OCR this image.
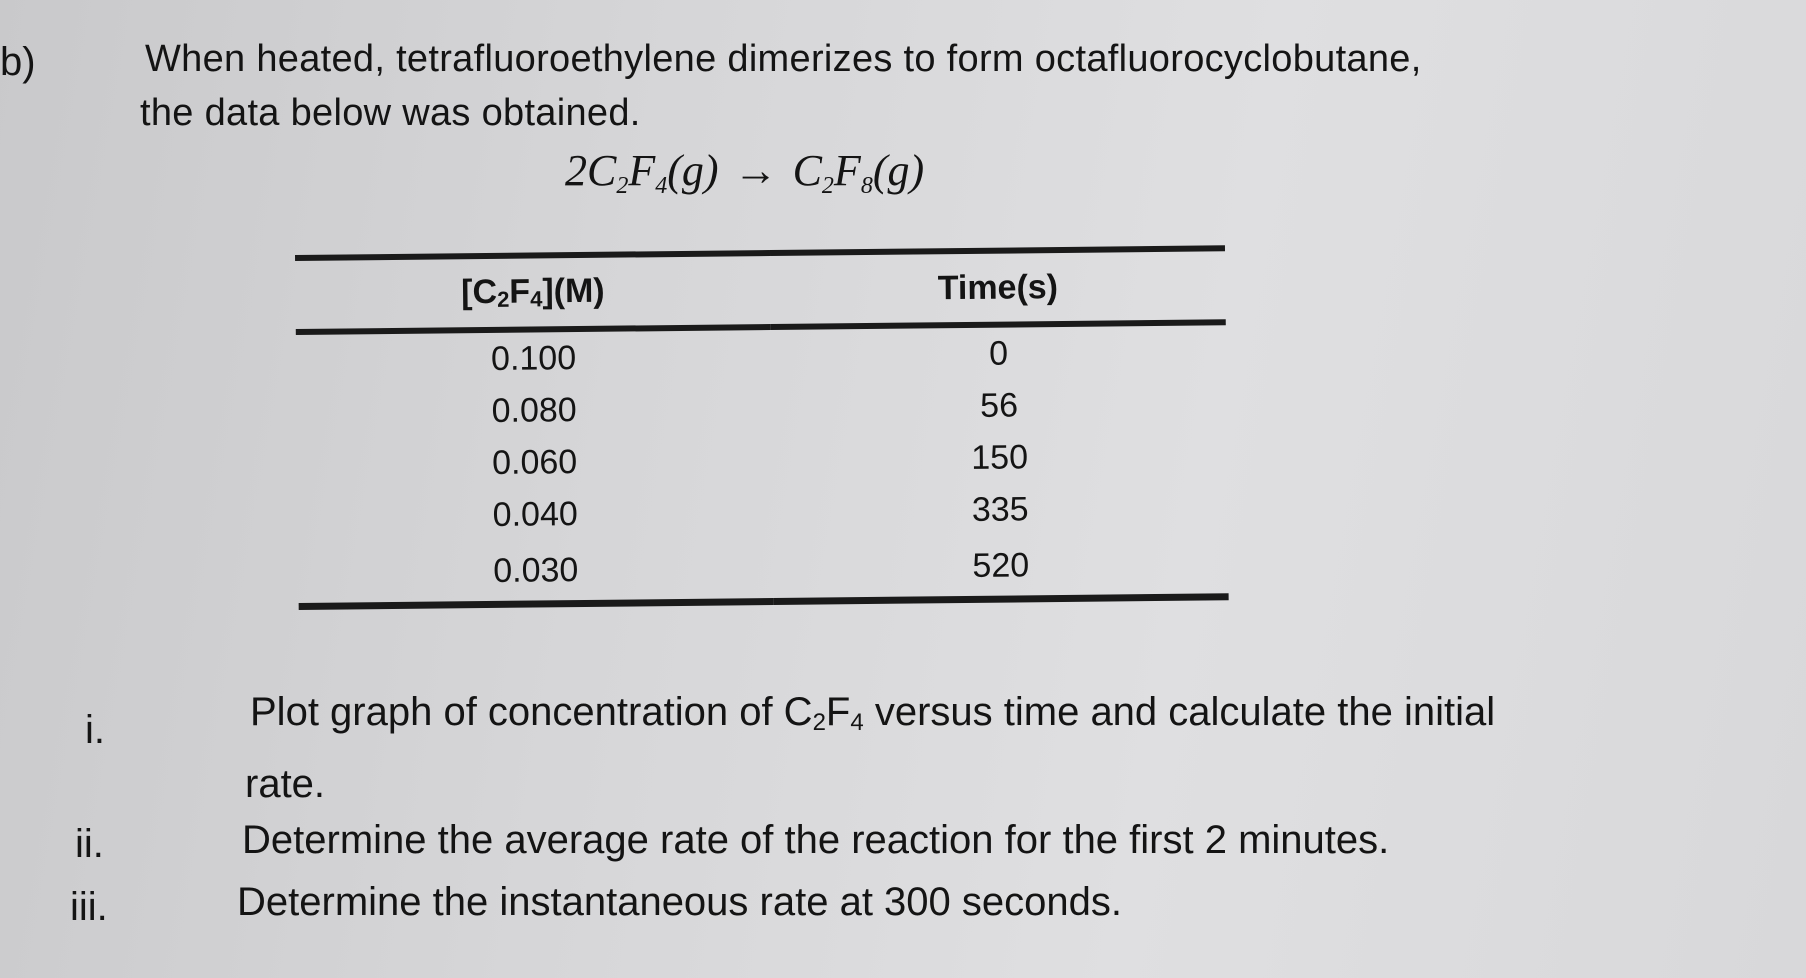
b)	When heated, tetrafluoroethylene dimerizes to form octafluorocyclobutane,
the data below was obtained.
$2C_2F_4(g) \to C_2F_8(g)$
$[C_2F_4](M)$	Time(s)
0.100	0
0.080	56
0.060	150
0.040	335
0.030	520
i.	Plot graph of concentration of $C_2F_4$ versus time and calculate the initial
rate.
ii.	Determine the average rate of the reaction for the first 2 minutes.
iii.	Determine the instantaneous rate at 300 seconds.
